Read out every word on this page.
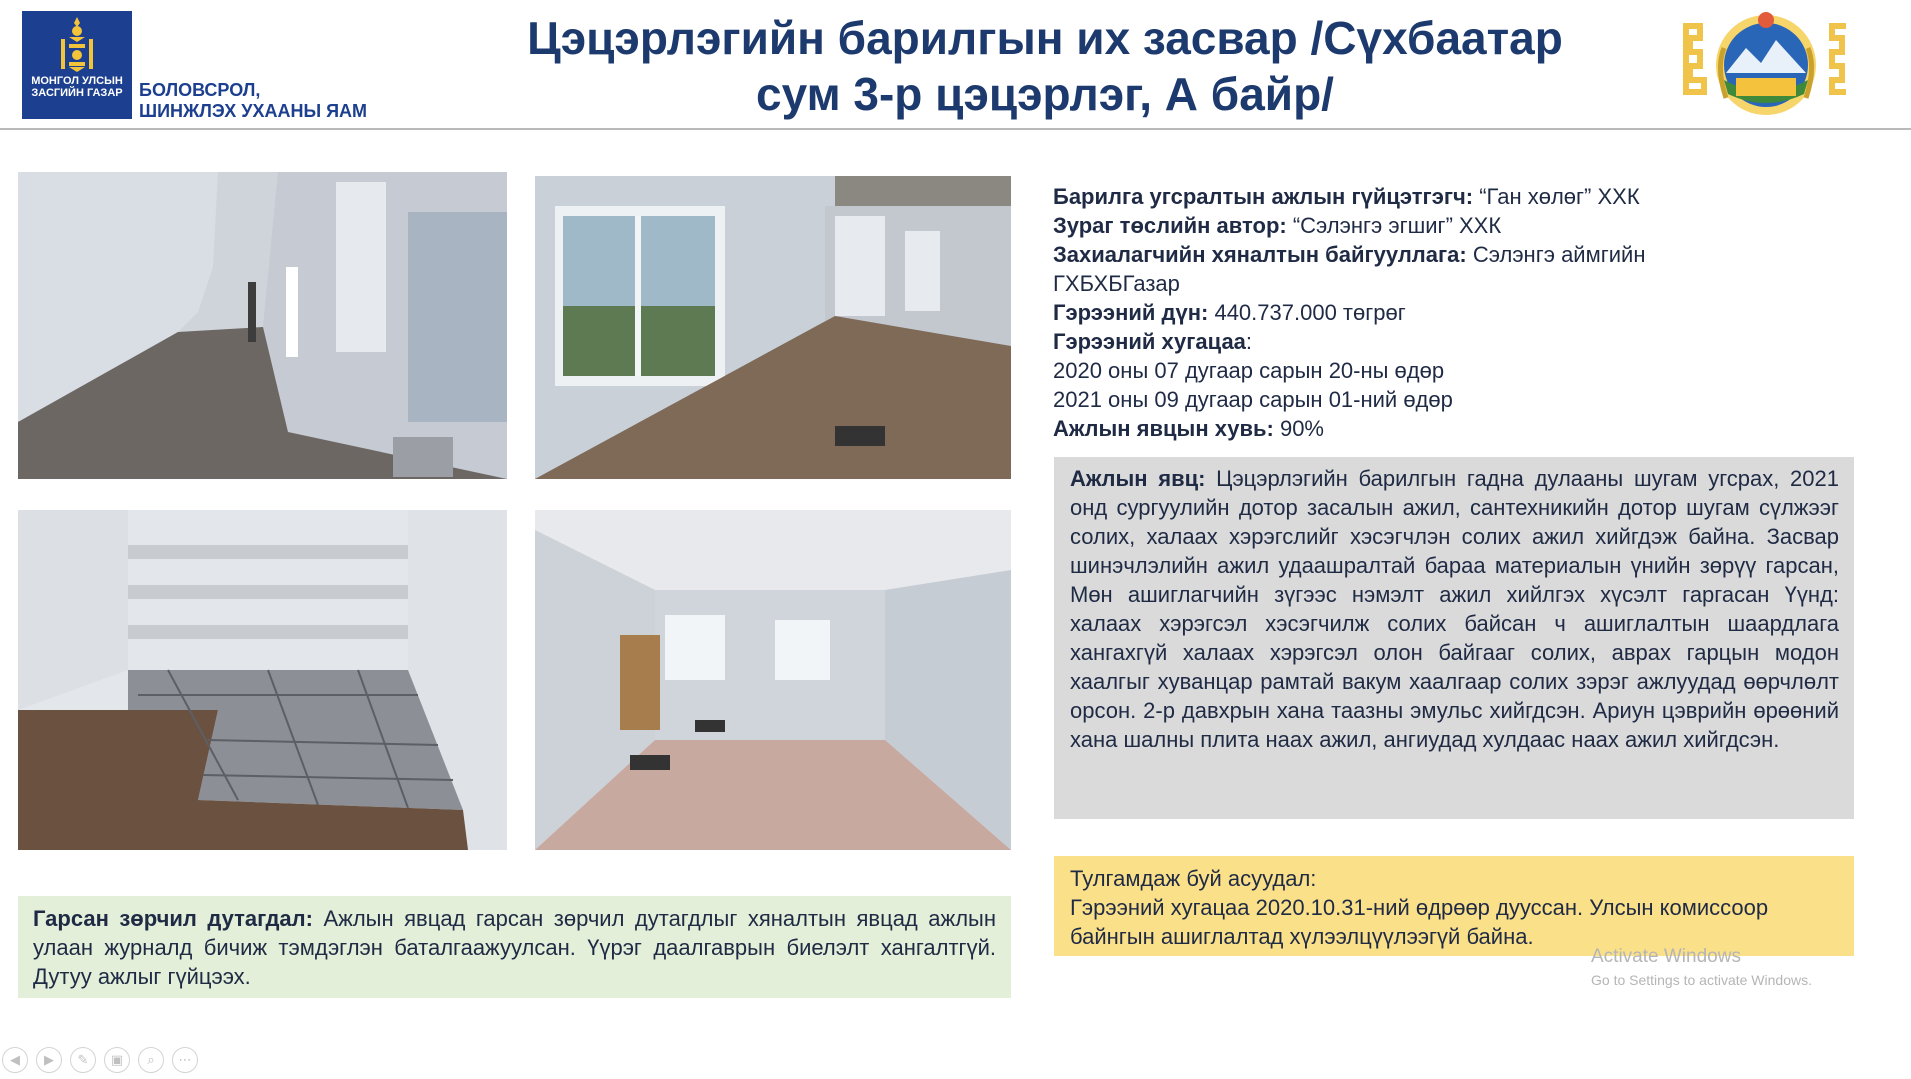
МОНГОЛ УЛСЫН
ЗАСГИЙН ГАЗАР БОЛОВСРОЛ,
ШИНЖЛЭХ УХААНЫ ЯАМ
Цэцэрлэгийн барилгын их засвар /Сүхбаатар
сум 3-р цэцэрлэг, А байр/
Барилга угсралтын ажлын гүйцэтгэгч: “Ган хөлөг” ХХК
Зураг төслийн автор: “Сэлэнгэ эгшиг” ХХК
Захиалагчийн хяналтын байгууллага: Сэлэнгэ аймгийн ГХБХБГазар
Гэрээний дүн: 440.737.000 төгрөг
Гэрээний хугацаа:
2020 оны 07 дугаар сарын 20-ны өдөр
2021 оны 09 дугаар сарын 01-ний өдөр
Ажлын явцын хувь: 90%
Ажлын явц: Цэцэрлэгийн барилгын гадна дулааны шугам угсрах, 2021 онд сургуулийн дотор засалын ажил, сантехникийн дотор шугам сүлжээг солих, халаах хэрэгслийг хэсэгчлэн солих ажил хийгдэж байна. Засвар шинэчлэлийн ажил удаашралтай бараа материалын үнийн зөрүү гарсан, Мөн ашиглагчийн зүгээс нэмэлт ажил хийлгэх хүсэлт гаргасан Үүнд: халаах хэрэгсэл хэсэгчилж солих байсан ч ашиглалтын шаардлага хангахгүй халаах хэрэгсэл олон байгааг солих, аврах гарцын модон хаалгыг хуванцар рамтай вакум хаалгаар солих зэрэг ажлуудад өөрчлөлт орсон. 2-р давхрын хана таазны эмульс хийгдсэн. Ариун цэврийн өрөөний хана шалны плита наах ажил, ангиудад хулдаас наах ажил хийгдсэн.
Тулгамдаж буй асуудал:
Гэрээний хугацаа 2020.10.31-ний өдрөөр дууссан. Улсын комиссоор байнгын ашиглалтад хүлээлцүүлээгүй байна.
Гарсан зөрчил дутагдал: Ажлын явцад гарсан зөрчил дутагдлыг хяналтын явцад ажлын улаан журналд бичиж тэмдэглэн баталгаажуулсан. Үүрэг даалгаврын биелэлт хангалтгүй. Дутуу ажлыг гүйцээх.
Activate Windows
Go to Settings to activate Windows.
◀	▶	✎	▣	⌕	⋯
